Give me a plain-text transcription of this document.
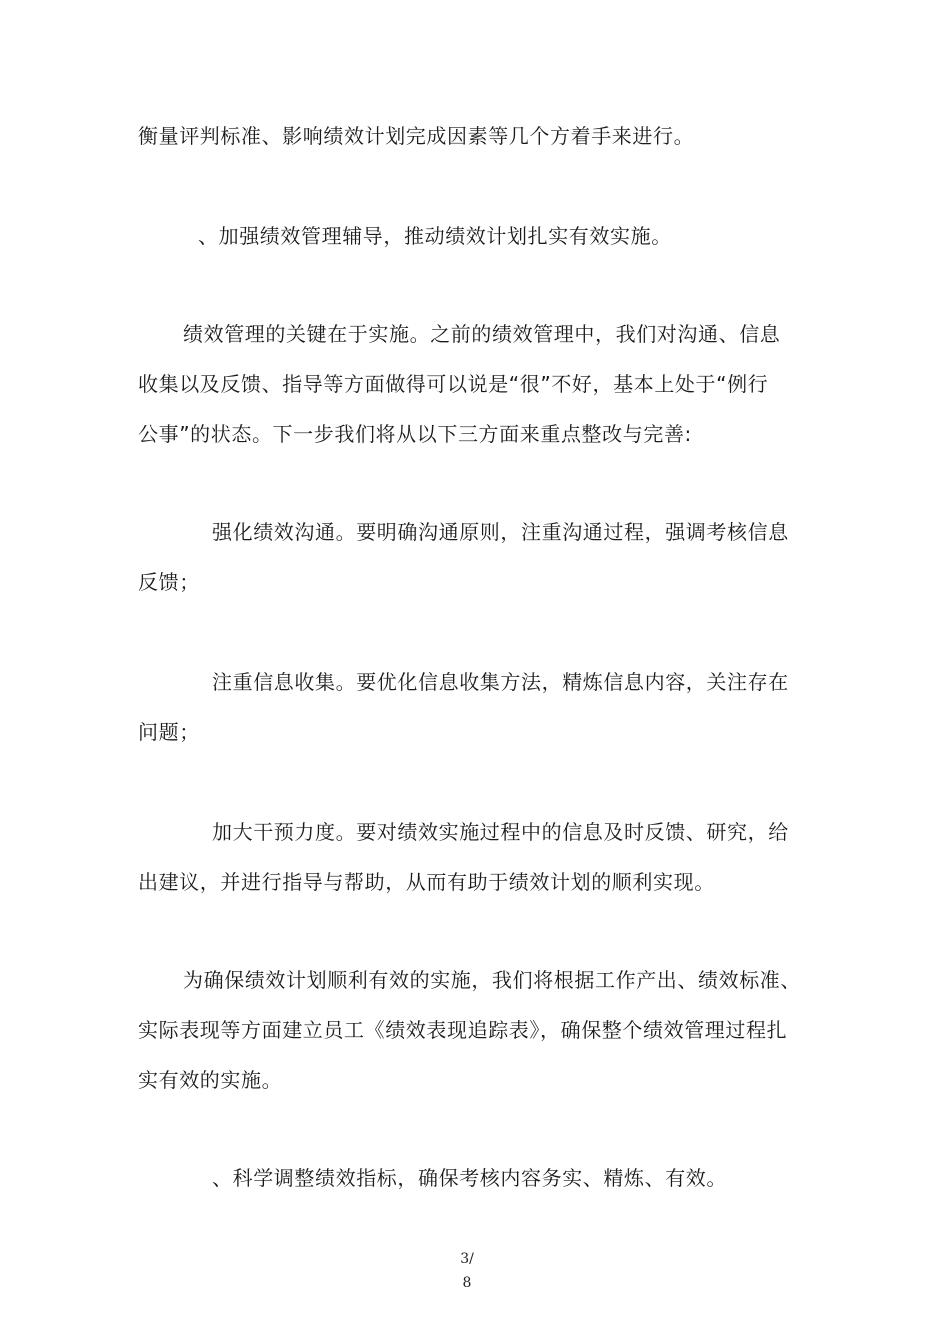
衡量评判标准、影响绩效计划完成因素等几个方着手来进行。
、加强绩效管理辅导，推动绩效计划扎实有效实施。
绩效管理的关键在于实施。之前的绩效管理中，我们对沟通、信息
收集以及反馈、指导等方面做得可以说是“很”不好，基本上处于“例行
公事”的状态。下一步我们将从以下三方面来重点整改与完善:
强化绩效沟通。要明确沟通原则，注重沟通过程，强调考核信息
反馈；
注重信息收集。要优化信息收集方法，精炼信息内容，关注存在
问题；
加大干预力度。要对绩效实施过程中的信息及时反馈、研究，给
出建议，并进行指导与帮助，从而有助于绩效计划的顺利实现。
为确保绩效计划顺利有效的实施，我们将根据工作产出、绩效标准、
实际表现等方面建立员工《绩效表现追踪表》，确保整个绩效管理过程扎
实有效的实施。
、科学调整绩效指标，确保考核内容务实、精炼、有效。
3/
8
